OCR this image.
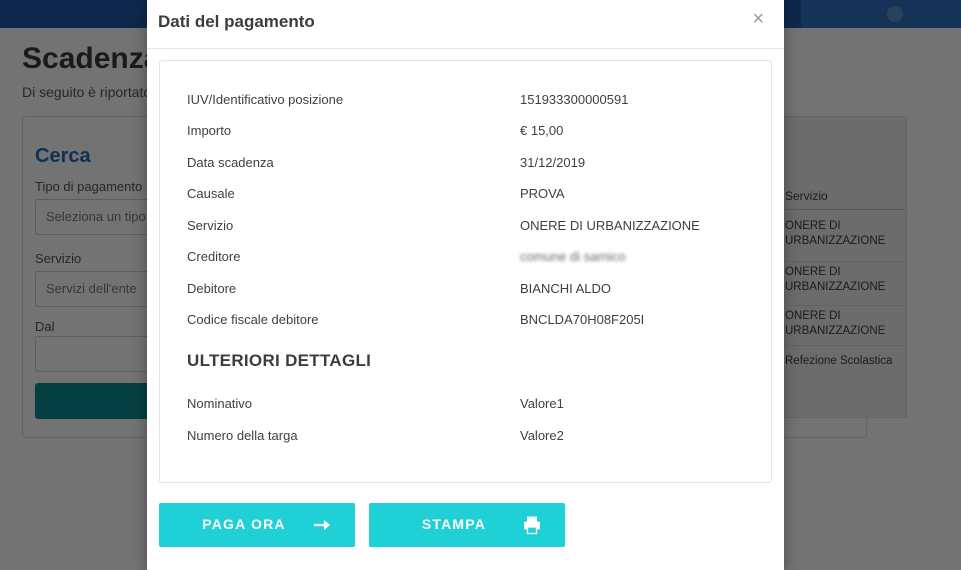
Dati del pagamento	×
IUV/Identificativo posizione	151933300000591
Importo	€ 15,00
Data scadenza	31/12/2019
Causale	PROVA
Servizio	ONERE DI URBANIZZAZIONE
Creditore	comune di sarnico
Debitore	BIANCHI ALDO
Codice fiscale debitore	BNCLDA70H08F205I
ULTERIORI DETTAGLI
Nominativo	Valore1
Numero della targa	Valore2
PAGA ORA	STAMPA
